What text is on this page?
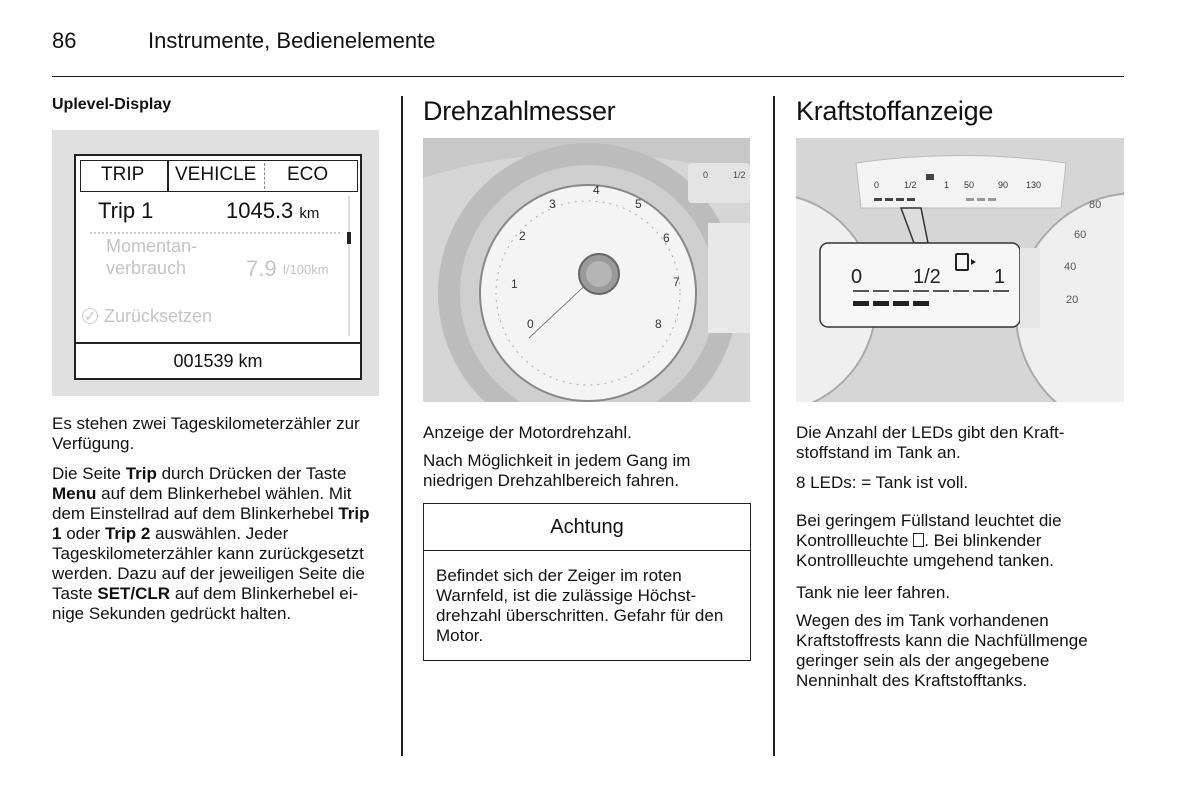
86	Instrumente, Bedienelemente

Uplevel-Display

TRIP VEHICLE ECO
Trip 1	1045.3 km
Momentan-
verbrauch	7.9 l/100km
✓ Zurücksetzen
001539 km

Es stehen zwei Tageskilometerzähler zur Verfügung.

Die Seite Trip durch Drücken der Taste Menu auf dem Blinkerhebel wählen. Mit dem Einstellrad auf dem Blinkerhebel Trip 1 oder Trip 2 auswählen. Jeder Tageskilometerzähler kann zurückgesetzt werden. Dazu auf der jeweiligen Seite die Taste SET/CLR auf dem Blinkerhebel einige Sekunden gedrückt halten.

Drehzahlmesser
0
1
2
3
4
5
6
7
8
0	1/2

Anzeige der Motordrehzahl.

Nach Möglichkeit in jedem Gang im niedrigen Drehzahlbereich fahren.

Achtung

Befindet sich der Zeiger im roten Warnfeld, ist die zulässige Höchstdrehzahl überschritten. Gefahr für den Motor.

Kraftstoffanzeige
0	1/2	1 50	90 130
0	1/2	1
80
60
40
20

Die Anzahl der LEDs gibt den Kraftstoffstand im Tank an.

8 LEDs: = Tank ist voll.

Bei geringem Füllstand leuchtet die Kontrollleuchte . Bei blinkender Kontrollleuchte umgehend tanken.

Tank nie leer fahren.

Wegen des im Tank vorhandenen Kraftstoffrests kann die Nachfüllmenge geringer sein als der angegebene Nenninhalt des Kraftstofftanks.
